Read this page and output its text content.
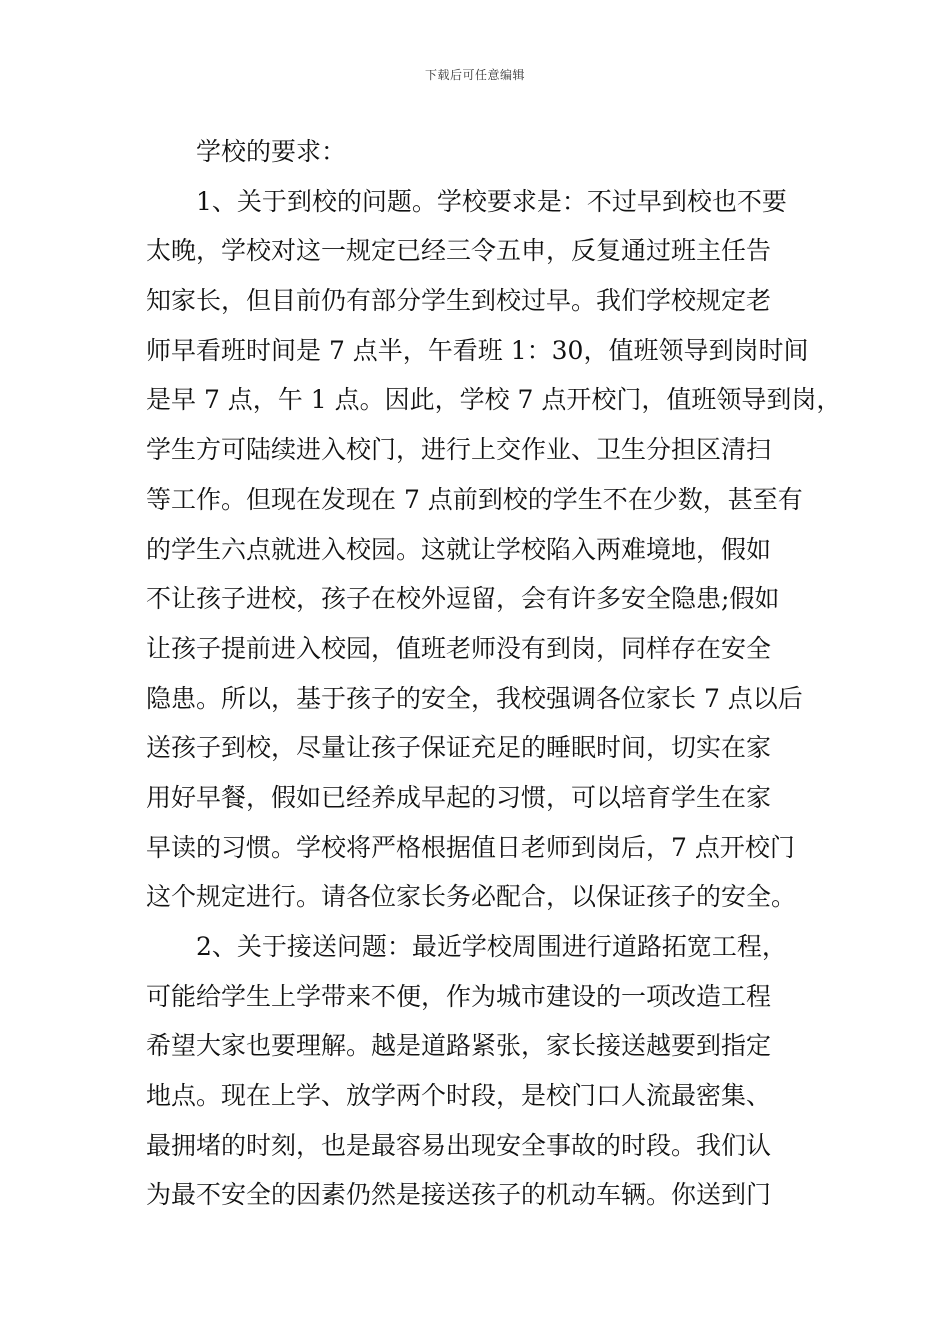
下载后可任意编辑
学校的要求：
1、关于到校的问题。学校要求是：不过早到校也不要
太晚，学校对这一规定已经三令五申，反复通过班主任告
知家长，但目前仍有部分学生到校过早。我们学校规定老
师早看班时间是 7 点半，午看班 1：30，值班领导到岗时间
是早 7 点，午 1 点。因此，学校 7 点开校门，值班领导到岗，
学生方可陆续进入校门，进行上交作业、卫生分担区清扫
等工作。但现在发现在 7 点前到校的学生不在少数，甚至有
的学生六点就进入校园。这就让学校陷入两难境地，假如
不让孩子进校，孩子在校外逗留，会有许多安全隐患;假如
让孩子提前进入校园，值班老师没有到岗，同样存在安全
隐患。所以，基于孩子的安全，我校强调各位家长 7 点以后
送孩子到校，尽量让孩子保证充足的睡眠时间，切实在家
用好早餐，假如已经养成早起的习惯，可以培育学生在家
早读的习惯。学校将严格根据值日老师到岗后，7 点开校门
这个规定进行。请各位家长务必配合，以保证孩子的安全。
2、关于接送问题：最近学校周围进行道路拓宽工程，
可能给学生上学带来不便，作为城市建设的一项改造工程
希望大家也要理解。越是道路紧张，家长接送越要到指定
地点。现在上学、放学两个时段，是校门口人流最密集、
最拥堵的时刻，也是最容易出现安全事故的时段。我们认
为最不安全的因素仍然是接送孩子的机动车辆。你送到门
